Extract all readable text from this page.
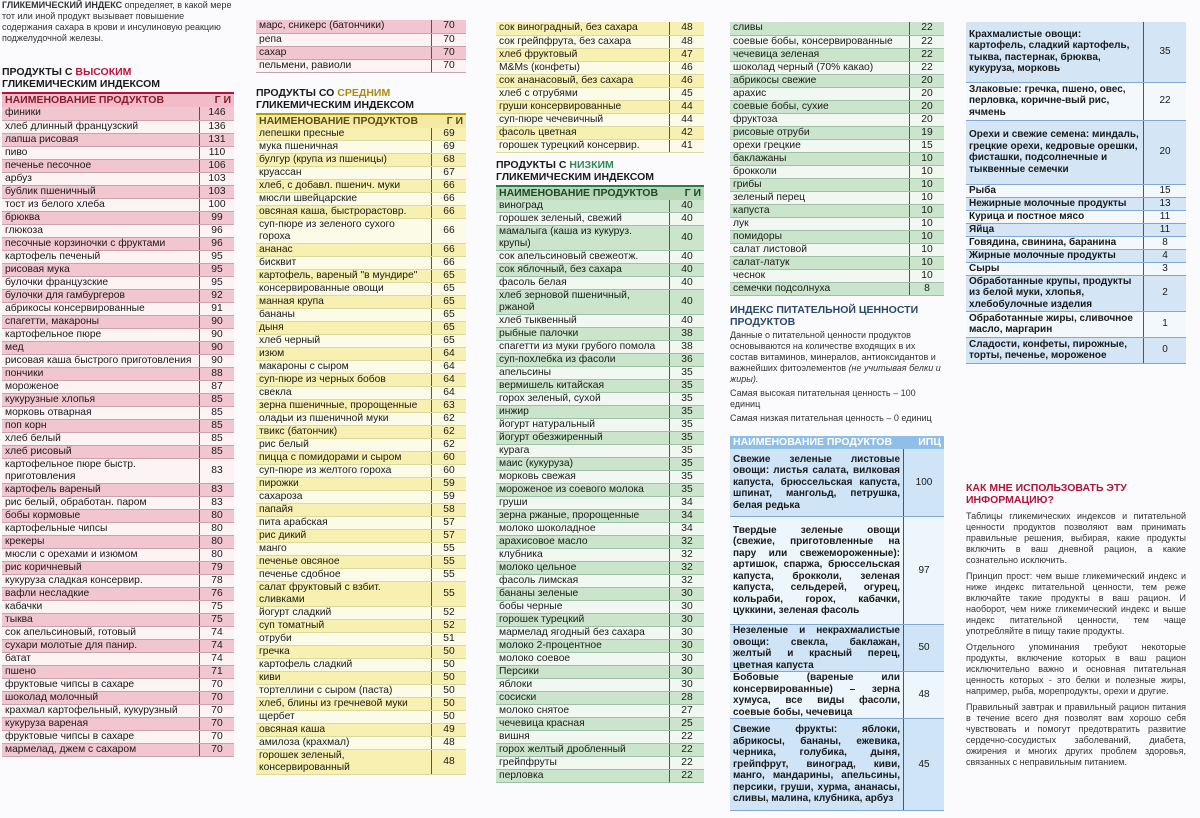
ГЛИКЕМИЧЕСКИЙ ИНДЕКС определяет, в какой мере тот или иной продукт вызывает повышение содержания сахара в крови и инсулиновую реакцию поджелудочной железы.
ПРОДУКТЫ С ВЫСОКИМ
ГЛИКЕМИЧЕСКИМ ИНДЕКСОМ
НАИМЕНОВАНИЕ ПРОДУКТОВ	Г И
финики	146
хлеб длинный французский	136
лапша рисовая	131
пиво	110
печенье песочное	106
арбуз	103
бублик пшеничный	103
тост из белого хлеба	100
брюква	99
глюкоза	96
песочные корзиночки с фруктами	96
картофель печеный	95
рисовая мука	95
булочки французские	95
булочки для гамбургеров	92
абрикосы консервированные	91
спагетти, макароны	90
картофельное пюре	90
мед	90
рисовая каша быстрого приготовления	90
пончики	88
мороженое	87
кукурузные хлопья	85
морковь отварная	85
поп корн	85
хлеб белый	85
хлеб рисовый	85
картофельное пюре быстр. приготовления	83
картофель вареный	83
рис белый, обработан. паром	83
бобы кормовые	80
картофельные чипсы	80
крекеры	80
мюсли с орехами и изюмом	80
рис коричневый	79
кукуруза сладкая консервир.	78
вафли несладкие	76
кабачки	75
тыква	75
сок апельсиновый, готовый	74
сухари молотые для панир.	74
батат	74
пшено	71
фруктовые чипсы в сахаре	70
шоколад молочный	70
крахмал картофельный, кукурузный	70
кукуруза вареная	70
фруктовые чипсы в сахаре	70
мармелад, джем с сахаром	70
марс, сникерс (батончики)	70
репа	70
сахар	70
пельмени, равиоли	70
ПРОДУКТЫ СО СРЕДНИМ
ГЛИКЕМИЧЕСКИМ ИНДЕКСОМ
НАИМЕНОВАНИЕ ПРОДУКТОВ	Г И
лепешки пресные	69
мука пшеничная	69
булгур (крупа из пшеницы)	68
круассан	67
хлеб, с добавл. пшенич. муки	66
мюсли швейцарские	66
овсяная каша, быстрорастовр.	66
суп-пюре из зеленого сухого гороха	66
ананас	66
бисквит	66
картофель, вареный "в мундире"	65
консервированные овощи	65
манная крупа	65
бананы	65
дыня	65
хлеб черный	65
изюм	64
макароны с сыром	64
суп-пюре из черных бобов	64
свекла	64
зерна пшеничные, пророщенные	63
оладьи из пшеничной муки	62
твикс (батончик)	62
рис белый	62
пицца с помидорами и сыром	60
суп-пюре из желтого гороха	60
пирожки	59
сахароза	59
папайя	58
пита арабская	57
рис дикий	57
манго	55
печенье овсяное	55
печенье сдобное	55
салат фруктовый с взбит. сливками	55
йогурт сладкий	52
суп томатный	52
отруби	51
гречка	50
картофель сладкий	50
киви	50
тортеллини с сыром (паста)	50
хлеб, блины из гречневой муки	50
щербет	50
овсяная каша	49
амилоза (крахмал)	48
горошек зеленый, консервированный	48
сок виноградный, без сахара	48
сок грейпфрута, без сахара	48
хлеб фруктовый	47
M&Ms (конфеты)	46
сок ананасовый, без сахара	46
хлеб с отрубями	45
груши консервированные	44
суп-пюре чечевичный	44
фасоль цветная	42
горошек турецкий консервир.	41
ПРОДУКТЫ С НИЗКИМ
ГЛИКЕМИЧЕСКИМ ИНДЕКСОМ
НАИМЕНОВАНИЕ ПРОДУКТОВ	Г И
виноград	40
горошек зеленый, свежий	40
мамалыга (каша из кукуруз. крупы)	40
сок апельсиновый свежеотж.	40
сок яблочный, без сахара	40
фасоль белая	40
хлеб зерновой пшеничный, ржаной	40
хлеб тыквенный	40
рыбные палочки	38
спагетти из муки грубого помола	38
суп-похлебка из фасоли	36
апельсины	35
вермишель китайская	35
горох зеленый, сухой	35
инжир	35
йогурт натуральный	35
йогурт обезжиренный	35
курага	35
маис (кукуруза)	35
морковь свежая	35
мороженое из соевого молока	35
груши	34
зерна ржаные, пророщенные	34
молоко шоколадное	34
арахисовое масло	32
клубника	32
молоко цельное	32
фасоль лимская	32
бананы зеленые	30
бобы черные	30
горошек турецкий	30
мармелад ягодный без сахара	30
молоко 2-процентное	30
молоко соевое	30
Персики	30
яблоки	30
сосиски	28
молоко снятое	27
чечевица красная	25
вишня	22
горох желтый дробленный	22
грейпфруты	22
перловка	22
сливы	22
соевые бобы, консервированные	22
чечевица зеленая	22
шоколад черный (70% какао)	22
абрикосы свежие	20
арахис	20
соевые бобы, сухие	20
фруктоза	20
рисовые отруби	19
орехи грецкие	15
баклажаны	10
брокколи	10
грибы	10
зеленый перец	10
капуста	10
лук	10
помидоры	10
салат листовой	10
салат-латук	10
чеснок	10
семечки подсолнуха	8
ИНДЕКС ПИТАТЕЛЬНОЙ ЦЕННОСТИ ПРОДУКТОВ
Данные о питательной ценности продуктов основываются на количестве входящих в их состав витаминов, минералов, антиоксидантов и важнейших фитоэлементов (не учитывая белки и жиры).
Самая высокая питательная ценность – 100 единиц
Самая низкая питательная ценность – 0 единиц
НАИМЕНОВАНИЕ ПРОДУКТОВ ИПЦ
Свежие зеленые листовые овощи: листья салата, вилковая капуста, брюссельская капуста, шпинат, мангольд, петрушка, белая редька	100
Твердые зеленые овощи (свежие, приготовленные на пару или свежемороженные): артишок, спаржа, брюссельская капуста, брокколи, зеленая капуста, сельдерей, огурец, кольраби, горох, кабачки, цуккини, зеленая фасоль	97
Незеленые и некрахмалистые овощи: свекла, баклажан, желтый и красный перец, цветная капуста	50
Бобовые (вареные или консервированные) – зерна хумуса, все виды фасоли, соевые бобы, чечевица	48
Свежие фрукты: яблоки, абрикосы, бананы, ежевика, черника, голубика, дыня, грейпфрут, виноград, киви, манго, мандарины, апельсины, персики, груши, хурма, ананасы, сливы, малина, клубника, арбуз	45
Крахмалистые овощи: картофель, сладкий картофель, тыква, пастернак, брюква, кукуруза, морковь	35
Злаковые: гречка, пшено, овес, перловка, коричне-вый рис, ячмень	22
Орехи и свежие семена: миндаль, грецкие орехи, кедровые орешки, фисташки, подсолнечные и тыквенные семечки	20
Рыба	15
Нежирные молочные продукты	13
Курица и постное мясо	11
Яйца	11
Говядина, свинина, баранина	8
Жирные молочные продукты	4
Сыры	3
Обработанные крупы, продукты из белой муки, хлопья, хлебобулочные изделия	2
Обработанные жиры, сливочное масло, маргарин	1
Сладости, конфеты, пирожные, торты, печенье, мороженое	0
КАК МНЕ ИСПОЛЬЗОВАТЬ ЭТУ ИНФОРМАЦИЮ?
Таблицы гликемических индексов и питательной ценности продуктов позволяют вам принимать правильные решения, выбирая, какие продукты включить в ваш дневной рацион, а какие сознательно исключить.
Принцип прост: чем выше гликемический индекс и ниже индекс питательной ценности, тем реже включайте такие продукты в ваш рацион. И наоборот, чем ниже гликемический индекс и выше индекс питательной ценности, тем чаще употребляйте в пищу такие продукты.
Отдельного упоминания требуют некоторые продукты, включение которых в ваш рацион исключительно важно и основная питательная ценность которых - это белки и полезные жиры, например, рыба, морепродукты, орехи и другие.
Правильный завтрак и правильный рацион питания в течение всего дня позволят вам хорошо себя чувствовать и помогут предотвратить развитие сердечно-сосудистых заболеваний, диабета, ожирения и многих других проблем здоровья, связанных с неправильным питанием.
